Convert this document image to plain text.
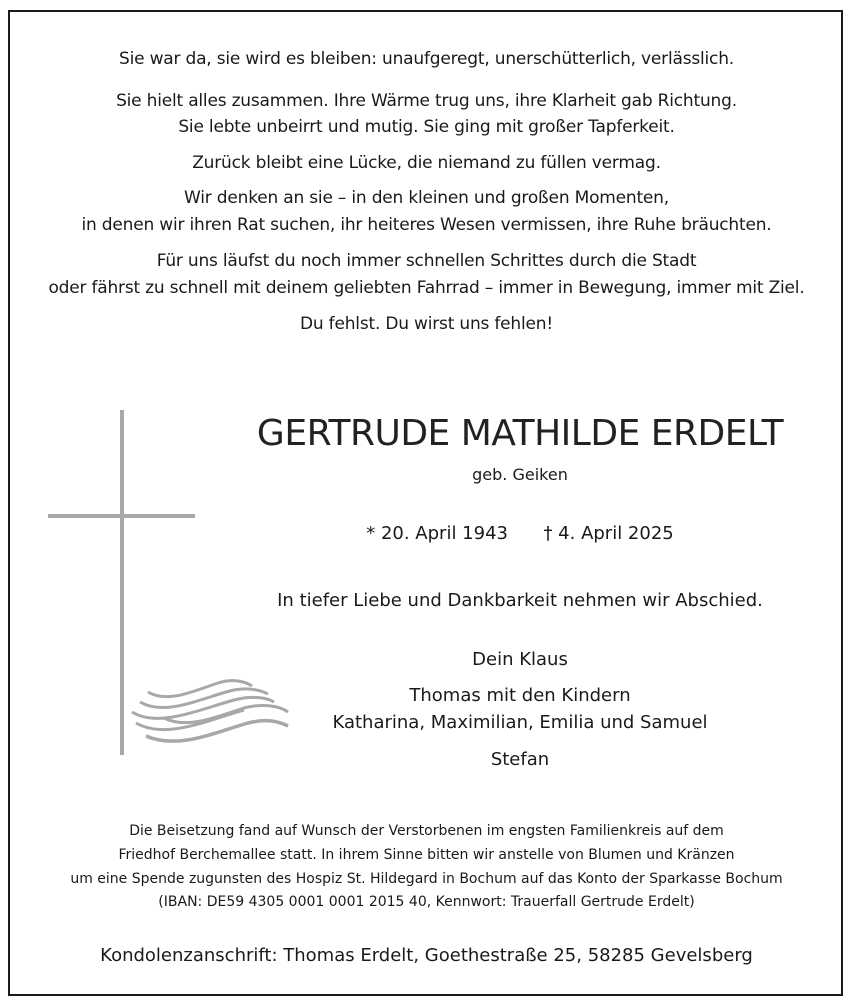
Sie war da, sie wird es bleiben: unaufgeregt, unerschütterlich, verlässlich.
Sie hielt alles zusammen. Ihre Wärme trug uns, ihre Klarheit gab Richtung.
Sie lebte unbeirrt und mutig. Sie ging mit großer Tapferkeit.
Zurück bleibt eine Lücke, die niemand zu füllen vermag.
Wir denken an sie – in den kleinen und großen Momenten,
in denen wir ihren Rat suchen, ihr heiteres Wesen vermissen, ihre Ruhe bräuchten.
Für uns läufst du noch immer schnellen Schrittes durch die Stadt
oder fährst zu schnell mit deinem geliebten Fahrrad – immer in Bewegung, immer mit Ziel.
Du fehlst. Du wirst uns fehlen!
GERTRUDE MATHILDE ERDELT
geb. Geiken
* 20. April 1943 † 4. April 2025
In tiefer Liebe und Dankbarkeit nehmen wir Abschied.
Dein Klaus
Thomas mit den Kindern
Katharina, Maximilian, Emilia und Samuel
Stefan
Die Beisetzung fand auf Wunsch der Verstorbenen im engsten Familienkreis auf dem
Friedhof Berchemallee statt. In ihrem Sinne bitten wir anstelle von Blumen und Kränzen
um eine Spende zugunsten des Hospiz St. Hildegard in Bochum auf das Konto der Sparkasse Bochum
(IBAN: DE59 4305 0001 0001 2015 40, Kennwort: Trauerfall Gertrude Erdelt)
Kondolenzanschrift: Thomas Erdelt, Goethestraße 25, 58285 Gevelsberg
